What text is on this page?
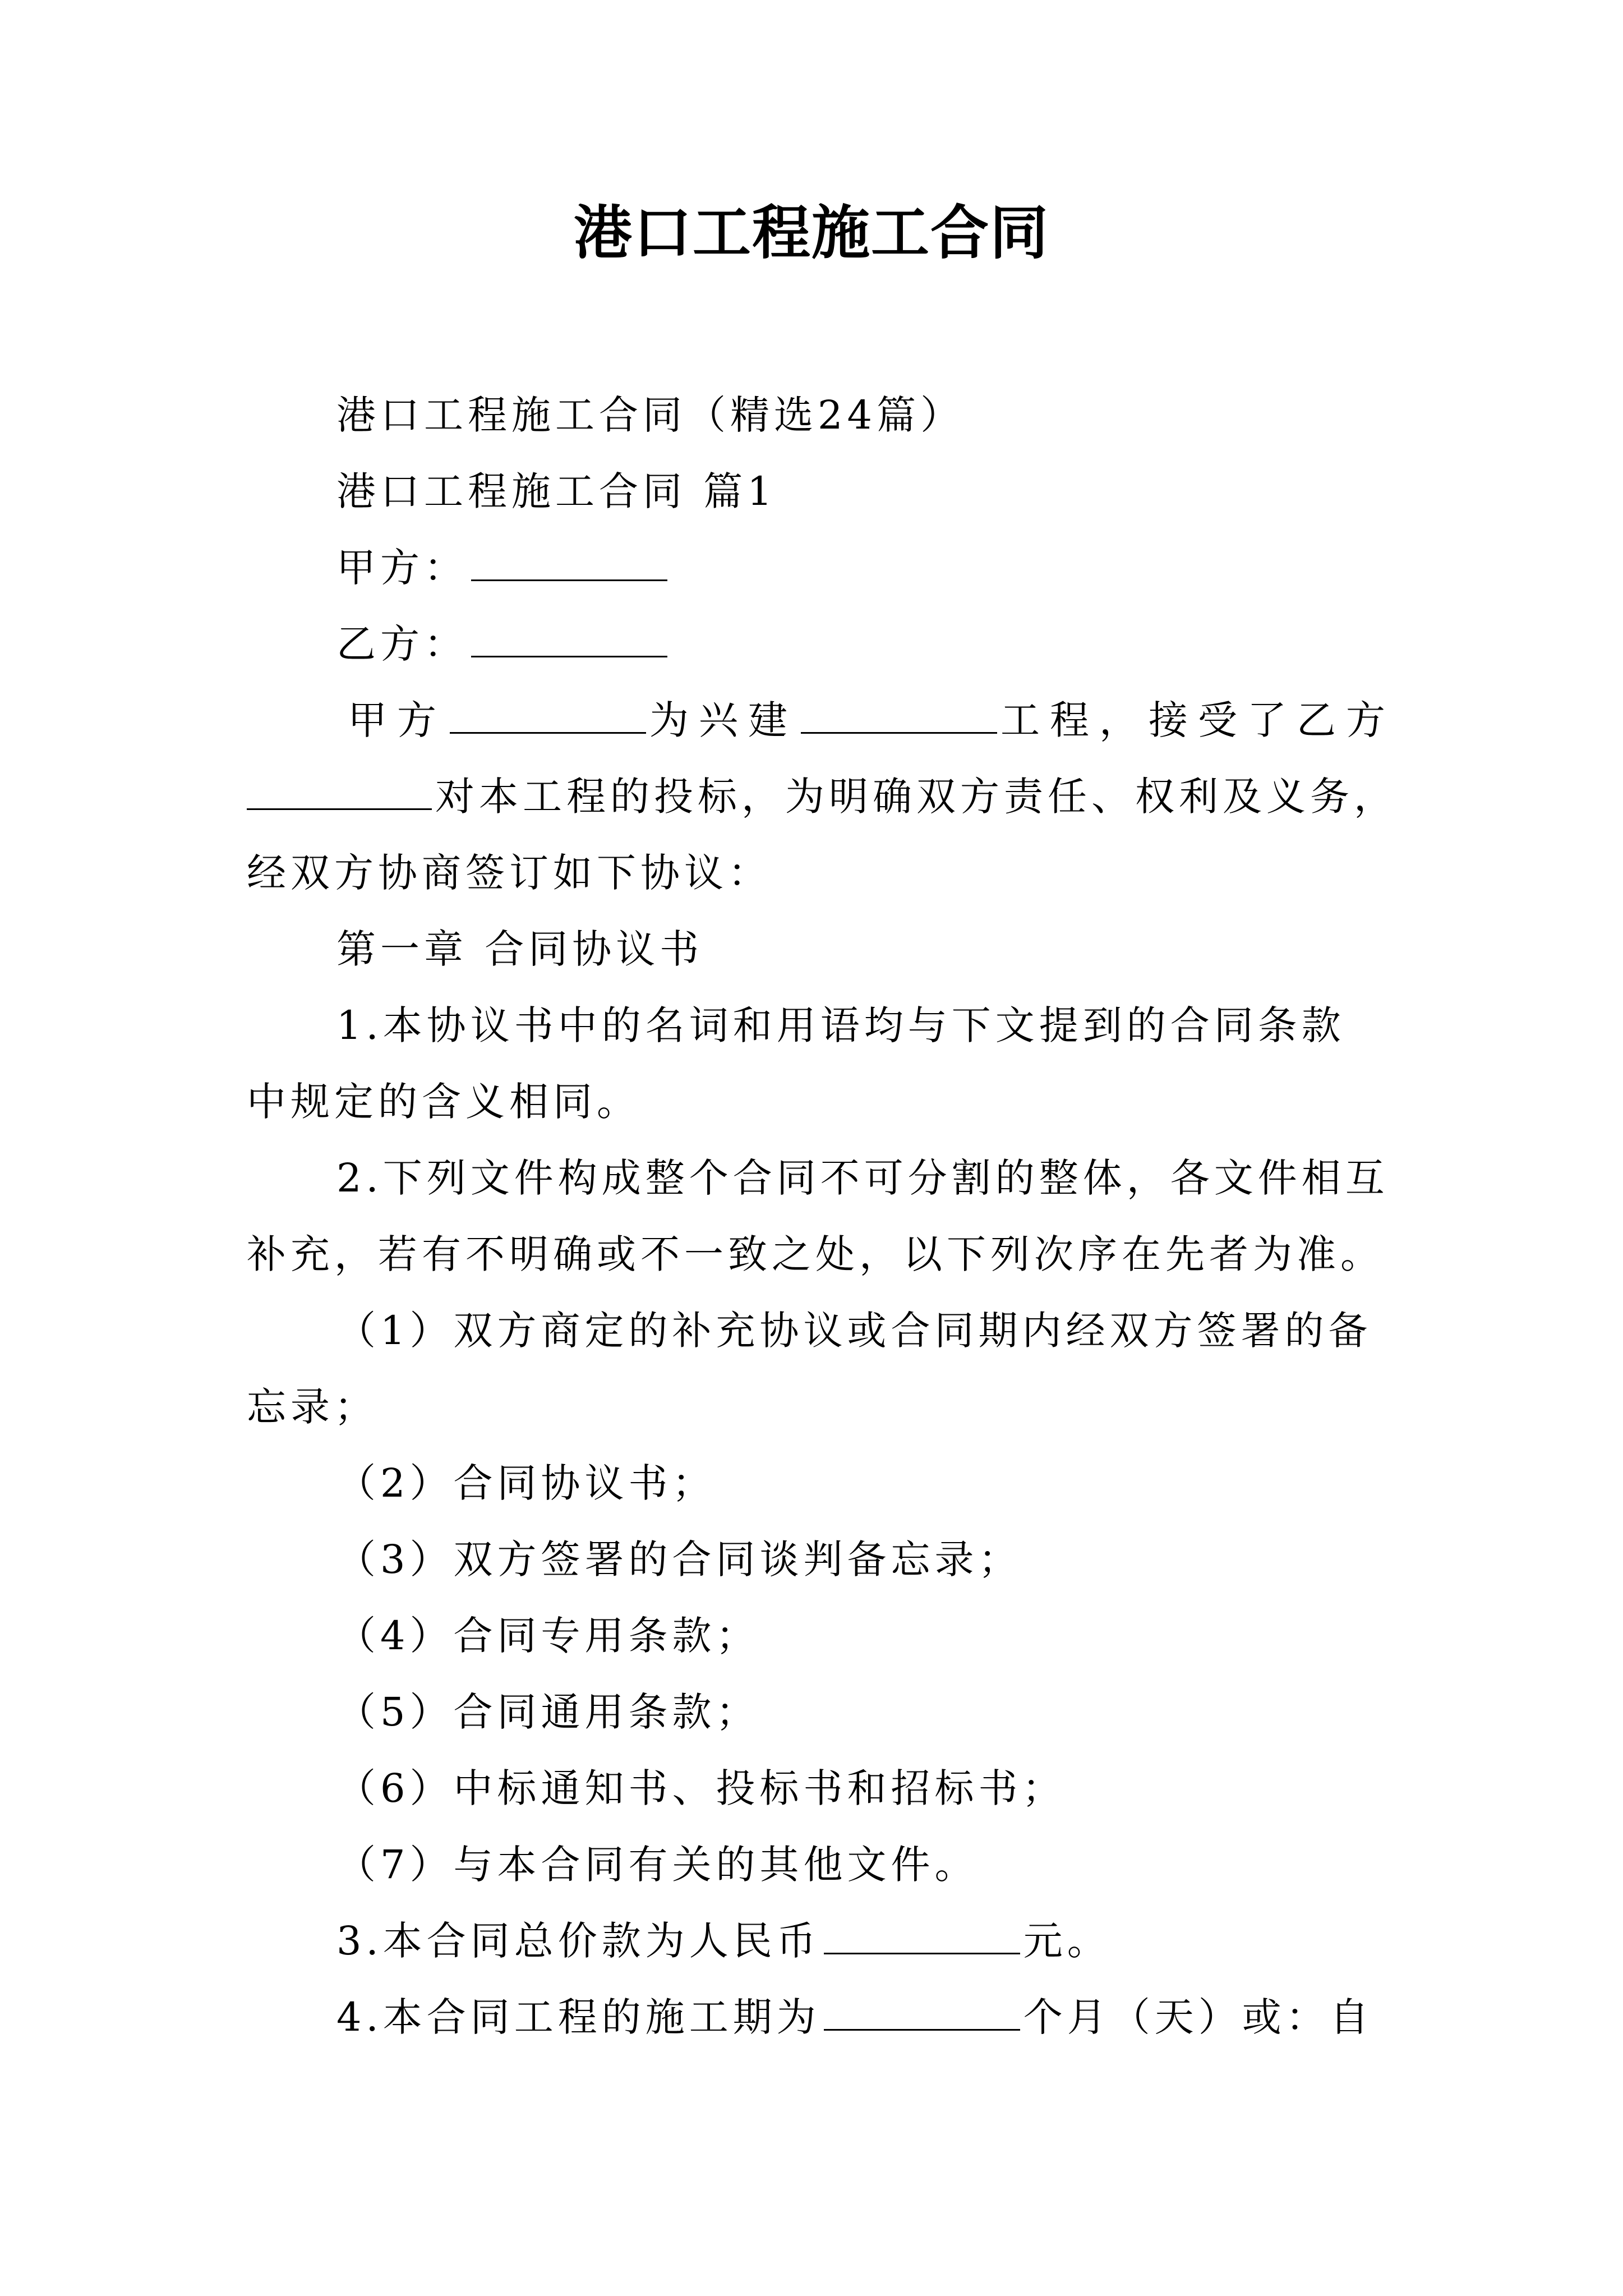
港口工程施工合同
港口工程施工合同（精选24篇）
港口工程施工合同 篇1
甲方：
乙方：
甲方	为兴建	工程，接受了乙方
对本工程的投标，为明确双方责任、权利及义务，
经双方协商签订如下协议：
第一章 合同协议书
1.本协议书中的名词和用语均与下文提到的合同条款
中规定的含义相同。
2.下列文件构成整个合同不可分割的整体，各文件相互
补充，若有不明确或不一致之处，以下列次序在先者为准。
（1）双方商定的补充协议或合同期内经双方签署的备
忘录；
（2）合同协议书；
（3）双方签署的合同谈判备忘录；
（4）合同专用条款；
（5）合同通用条款；
（6）中标通知书、投标书和招标书；
（7）与本合同有关的其他文件。
3.本合同总价款为人民币	元。
4.本合同工程的施工期为	个月（天）或：自
